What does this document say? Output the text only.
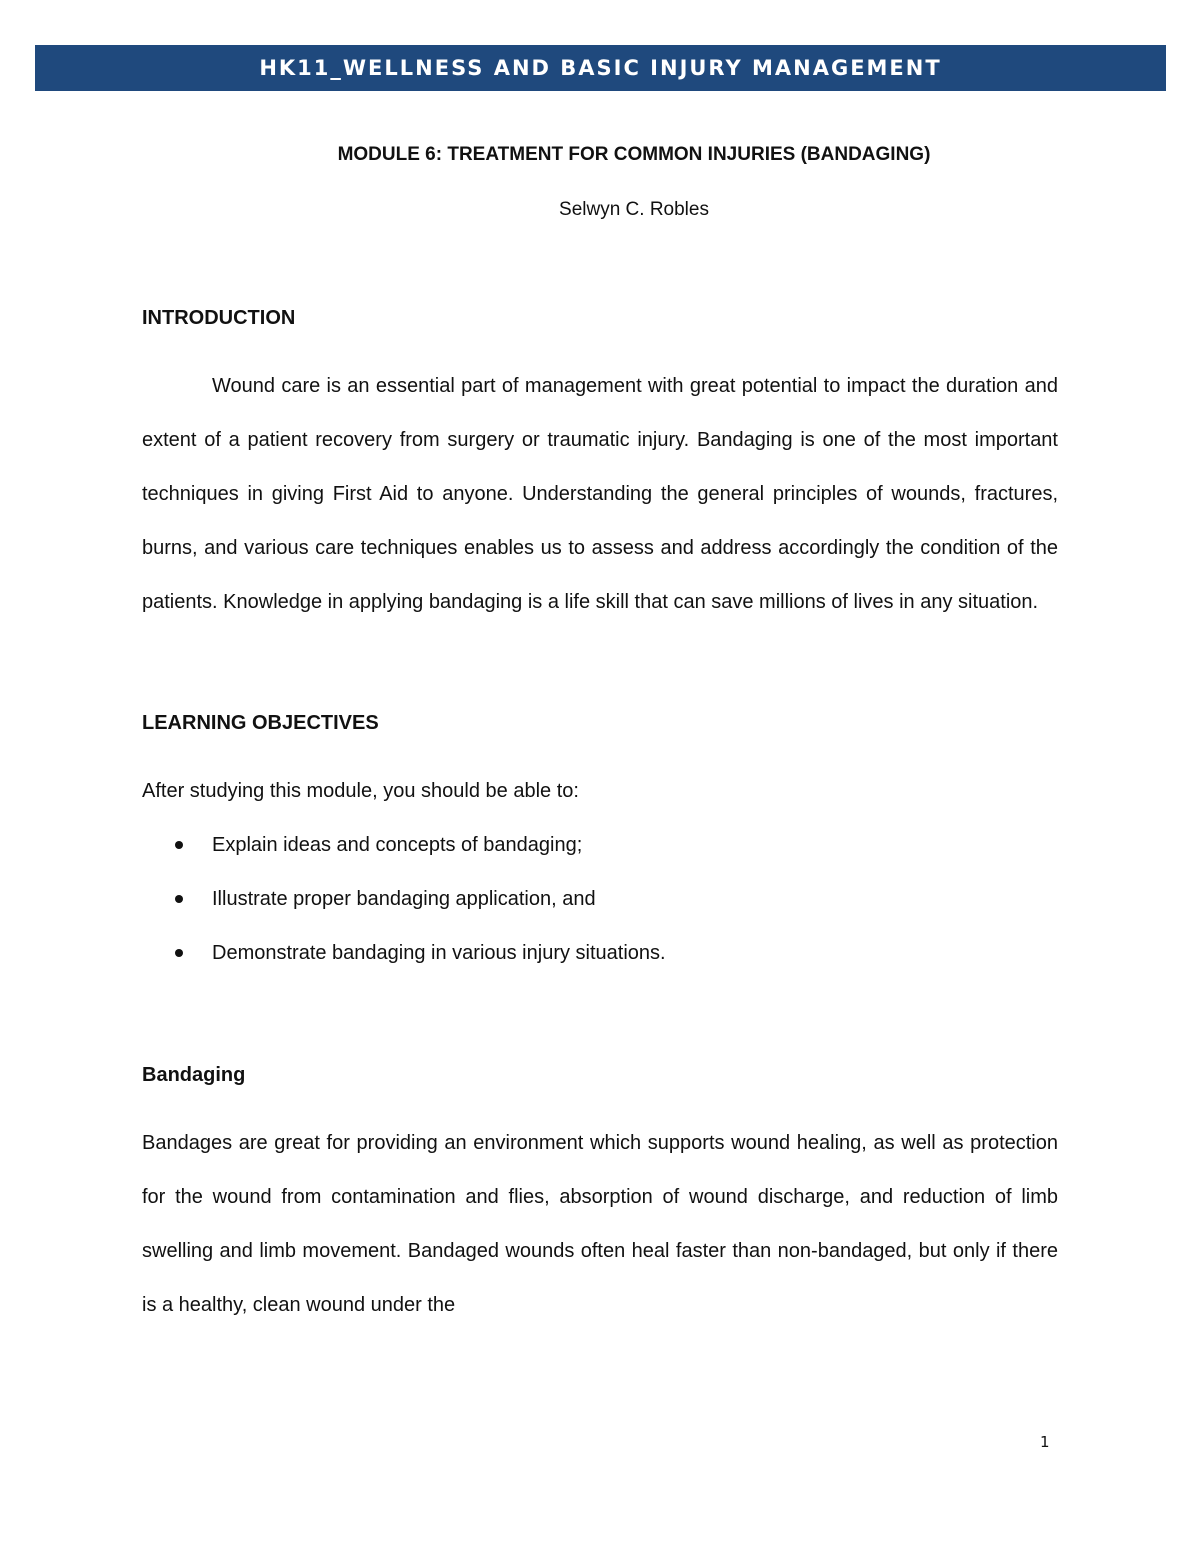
HK11_WELLNESS AND BASIC INJURY MANAGEMENT

MODULE 6: TREATMENT FOR COMMON INJURIES (BANDAGING)

Selwyn C. Robles

INTRODUCTION

Wound care is an essential part of management with great potential to impact the duration and extent of a patient recovery from surgery or traumatic injury. Bandaging is one of the most important techniques in giving First Aid to anyone. Understanding the general principles of wounds, fractures, burns, and various care techniques enables us to assess and address accordingly the condition of the patients. Knowledge in applying bandaging is a life skill that can save millions of lives in any situation.

LEARNING OBJECTIVES

After studying this module, you should be able to:

Explain ideas and concepts of bandaging;
Illustrate proper bandaging application, and
Demonstrate bandaging in various injury situations.
Bandaging

Bandages are great for providing an environment which supports wound healing, as well as protection for the wound from contamination and flies, absorption of wound discharge, and reduction of limb swelling and limb movement. Bandaged wounds often heal faster than non-bandaged, but only if there is a healthy, clean wound under the

1
